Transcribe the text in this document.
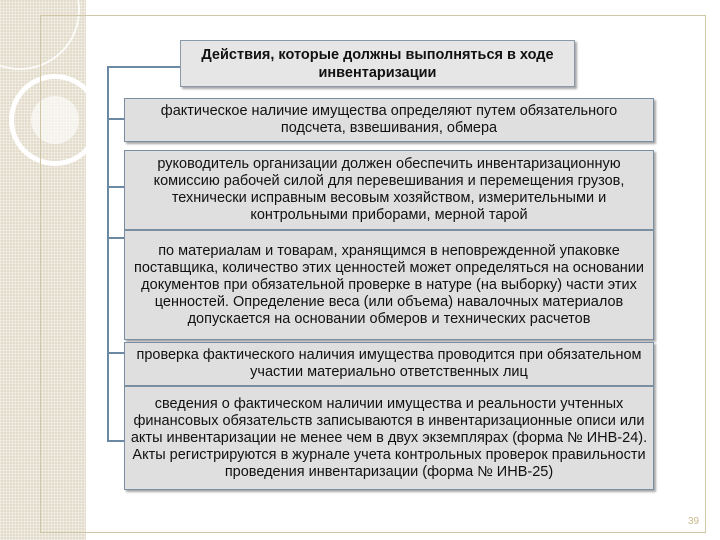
Действия, которые должны выполняться в ходе инвентаризации
фактическое наличие имущества определяют путем обязательного подсчета, взвешивания, обмера
руководитель организации должен обеспечить инвентаризационную комиссию рабочей силой для перевешивания и перемещения грузов, технически исправным весовым хозяйством, измерительными и контрольными приборами, мерной тарой
по материалам и товарам, хранящимся в неповрежденной упаковке поставщика, количество этих ценностей может определяться на основании документов при обязательной проверке в натуре (на выборку) части этих ценностей. Определение веса (или объема) навалочных материалов допускается на основании обмеров и технических расчетов
проверка фактического наличия имущества проводится при обязательном участии материально ответственных лиц
сведения о фактическом наличии имущества и реальности учтенных финансовых обязательств записываются в инвентаризационные описи или акты инвентаризации не менее чем в двух экземплярах (форма № ИНВ-24). Акты регистрируются в журнале учета контрольных проверок правильности проведения инвентаризации (форма № ИНВ-25)
39
